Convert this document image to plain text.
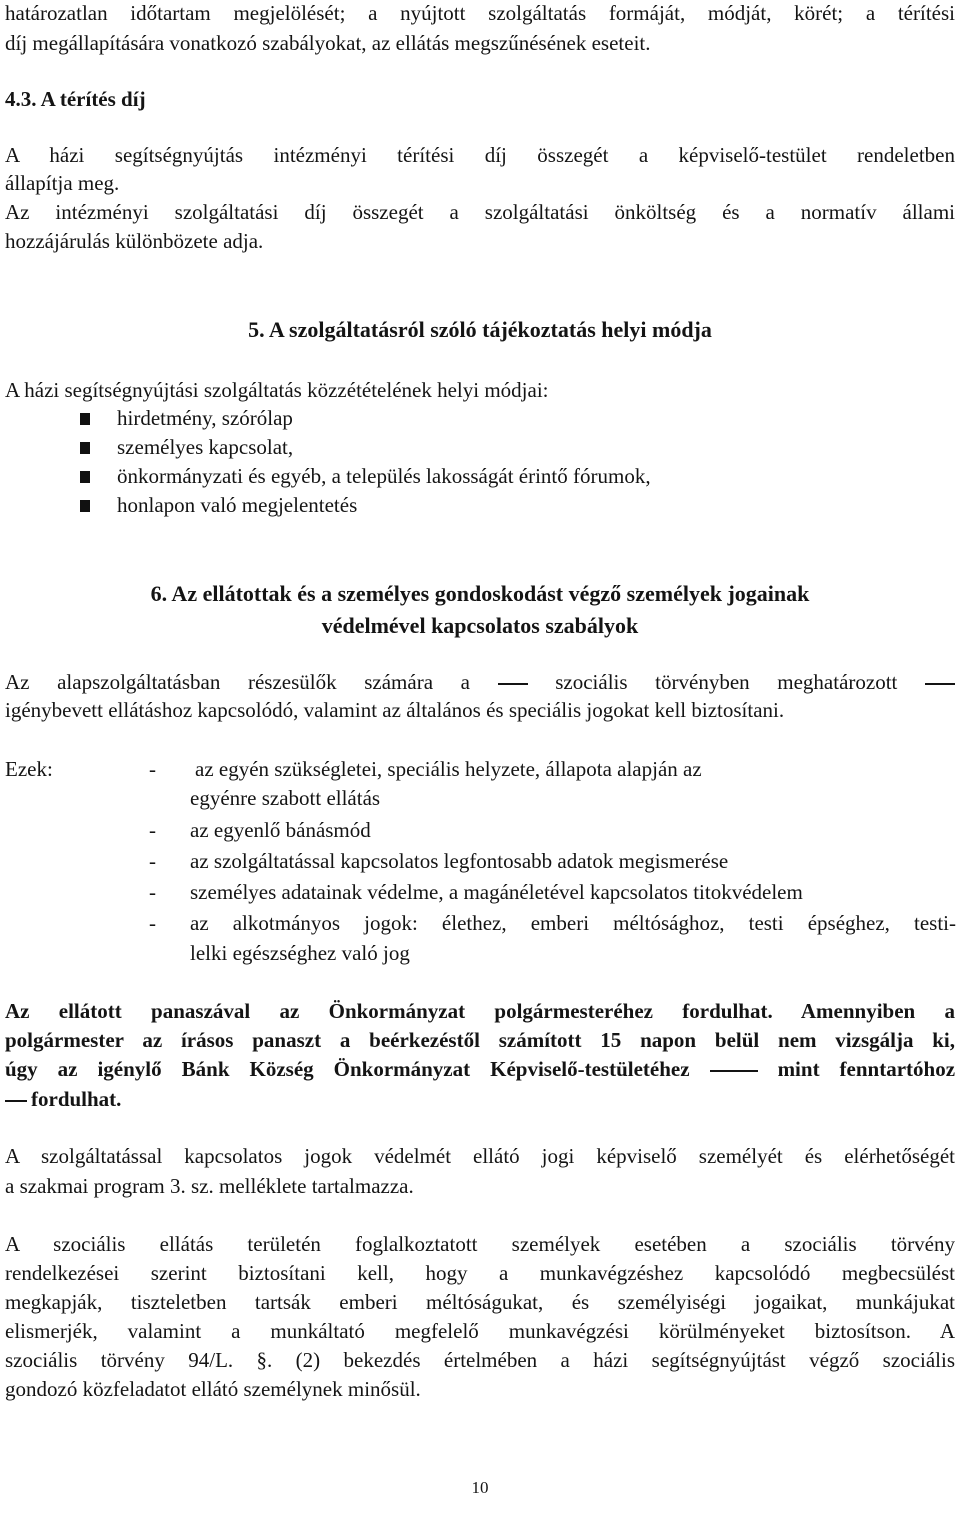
határozatlan időtartam megjelölését; a nyújtott szolgáltatás formáját, módját, körét; a térítési
díj megállapítására vonatkozó szabályokat, az ellátás megszűnésének eseteit.
4.3. A térítés díj
A házi segítségnyújtás intézményi térítési díj összegét a képviselő-testület rendeletben
állapítja meg.
Az intézményi szolgáltatási díj összegét a szolgáltatási önköltség és a normatív állami
hozzájárulás különbözete adja.
5. A szolgáltatásról szóló tájékoztatás helyi módja
A házi segítségnyújtási szolgáltatás közzétételének helyi módjai:
hirdetmény, szórólap
személyes kapcsolat,
önkormányzati és egyéb, a település lakosságát érintő fórumok,
honlapon való megjelentetés
6. Az ellátottak és a személyes gondoskodást végző személyek jogainak
védelmével kapcsolatos szabályok
Az alapszolgáltatásban részesülők számára a	szociális törvényben meghatározott
igénybevett ellátáshoz kapcsolódó, valamint az általános és speciális jogokat kell biztosítani.
Ezek:	- az egyén szükségletei, speciális helyzete, állapota alapján az
egyénre szabott ellátás
- az egyenlő bánásmód
- az szolgáltatással kapcsolatos legfontosabb adatok megismerése
- személyes adatainak védelme, a magánéletével kapcsolatos titokvédelem
- az alkotmányos jogok: élethez, emberi méltósághoz, testi épséghez, testi-
lelki egészséghez való jog
Az ellátott panaszával az Önkormányzat polgármesteréhez fordulhat. Amennyiben a
polgármester az írásos panaszt a beérkezéstől számított 15 napon belül nem vizsgálja ki,
úgy az igénylő Bánk Község Önkormányzat Képviselő-testületéhez	mint fenntartóhoz
fordulhat.
A szolgáltatással kapcsolatos jogok védelmét ellátó jogi képviselő személyét és elérhetőségét
a szakmai program 3. sz. melléklete tartalmazza.
A szociális ellátás területén foglalkoztatott személyek esetében a szociális törvény
rendelkezései szerint biztosítani kell, hogy a munkavégzéshez kapcsolódó megbecsülést
megkapják, tiszteletben tartsák emberi méltóságukat, és személyiségi jogaikat, munkájukat
elismerjék, valamint a munkáltató megfelelő munkavégzési körülményeket biztosítson. A
szociális törvény 94/L. §. (2) bekezdés értelmében a házi segítségnyújtást végző szociális
gondozó közfeladatot ellátó személynek minősül.
10
